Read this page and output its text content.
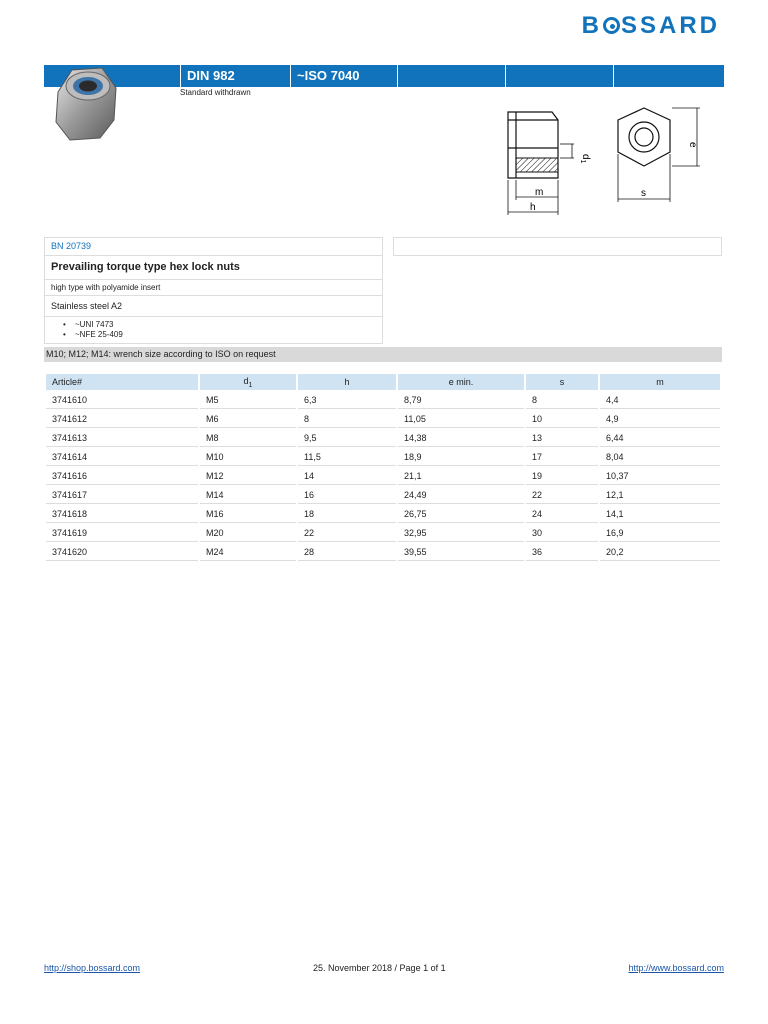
B SSARD
DIN 982	~ISO 7040
Standard withdrawn
$d_1$
m
h
s
e
BN 20739
Prevailing torque type hex lock nuts
high type with polyamide insert
Stainless steel A2
• ~UNI 7473
• ~NFE 25-409
M10; M12; M14: wrench size according to ISO on request
Article#	$d_1$	h	e min.	s	m
3741610	M5	6,3	8,79	8	4,4
3741612	M6	8	11,05	10	4,9
3741613	M8	9,5	14,38	13	6,44
3741614	M10	11,5	18,9	17	8,04
3741616	M12	14	21,1	19	10,37
3741617	M14	16	24,49	22	12,1
3741618	M16	18	26,75	24	14,1
3741619	M20	22	32,95	30	16,9
3741620	M24	28	39,55	36	20,2
http://shop.bossard.com	25. November 2018 / Page 1 of 1	http://www.bossard.com
